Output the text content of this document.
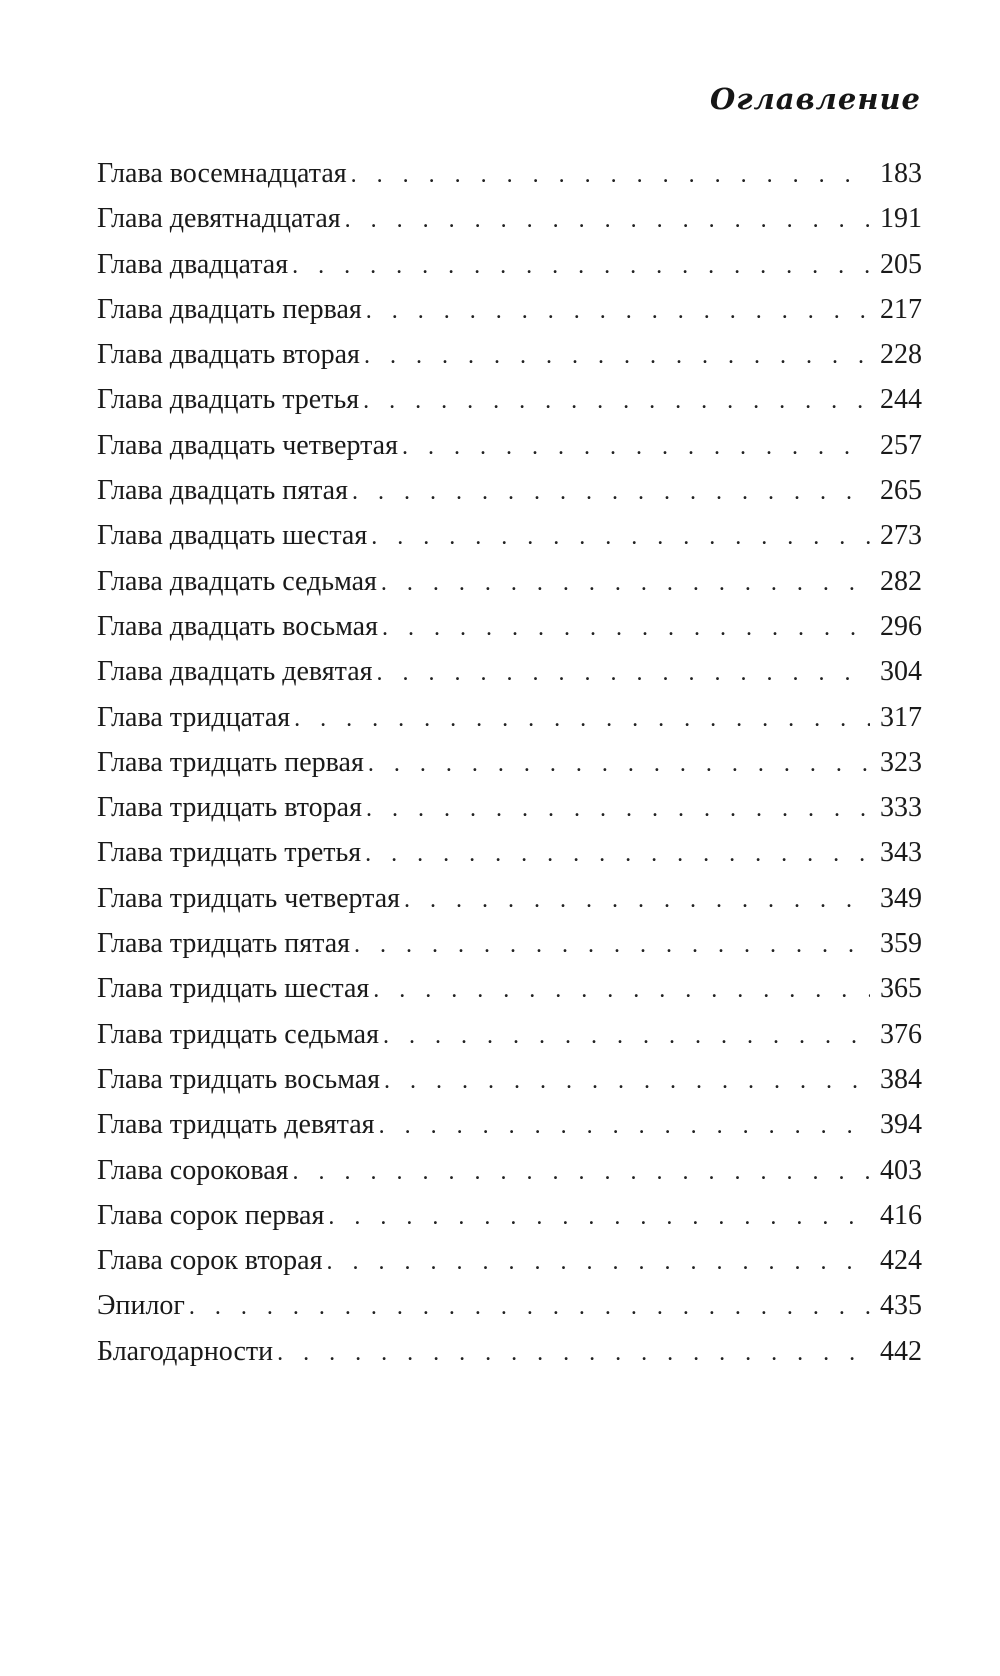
Оглавление
Глава восемнадцатая . . .	183
Глава девятнадцатая . . .	191
Глава двадцатая . . .	205
Глава двадцать первая . . .	217
Глава двадцать вторая . . .	228
Глава двадцать третья . . .	244
Глава двадцать четвертая . . .	257
Глава двадцать пятая . . .	265
Глава двадцать шестая . . .	273
Глава двадцать седьмая . . .	282
Глава двадцать восьмая . . .	296
Глава двадцать девятая . . .	304
Глава тридцатая . . .	317
Глава тридцать первая . . .	323
Глава тридцать вторая . . .	333
Глава тридцать третья . . .	343
Глава тридцать четвертая . . .	349
Глава тридцать пятая . . .	359
Глава тридцать шестая . . .	365
Глава тридцать седьмая . . .	376
Глава тридцать восьмая . . .	384
Глава тридцать девятая . . .	394
Глава сороковая . . .	403
Глава сорок первая . . .	416
Глава сорок вторая . . .	424
Эпилог . . .	435
Благодарности . . .	442
